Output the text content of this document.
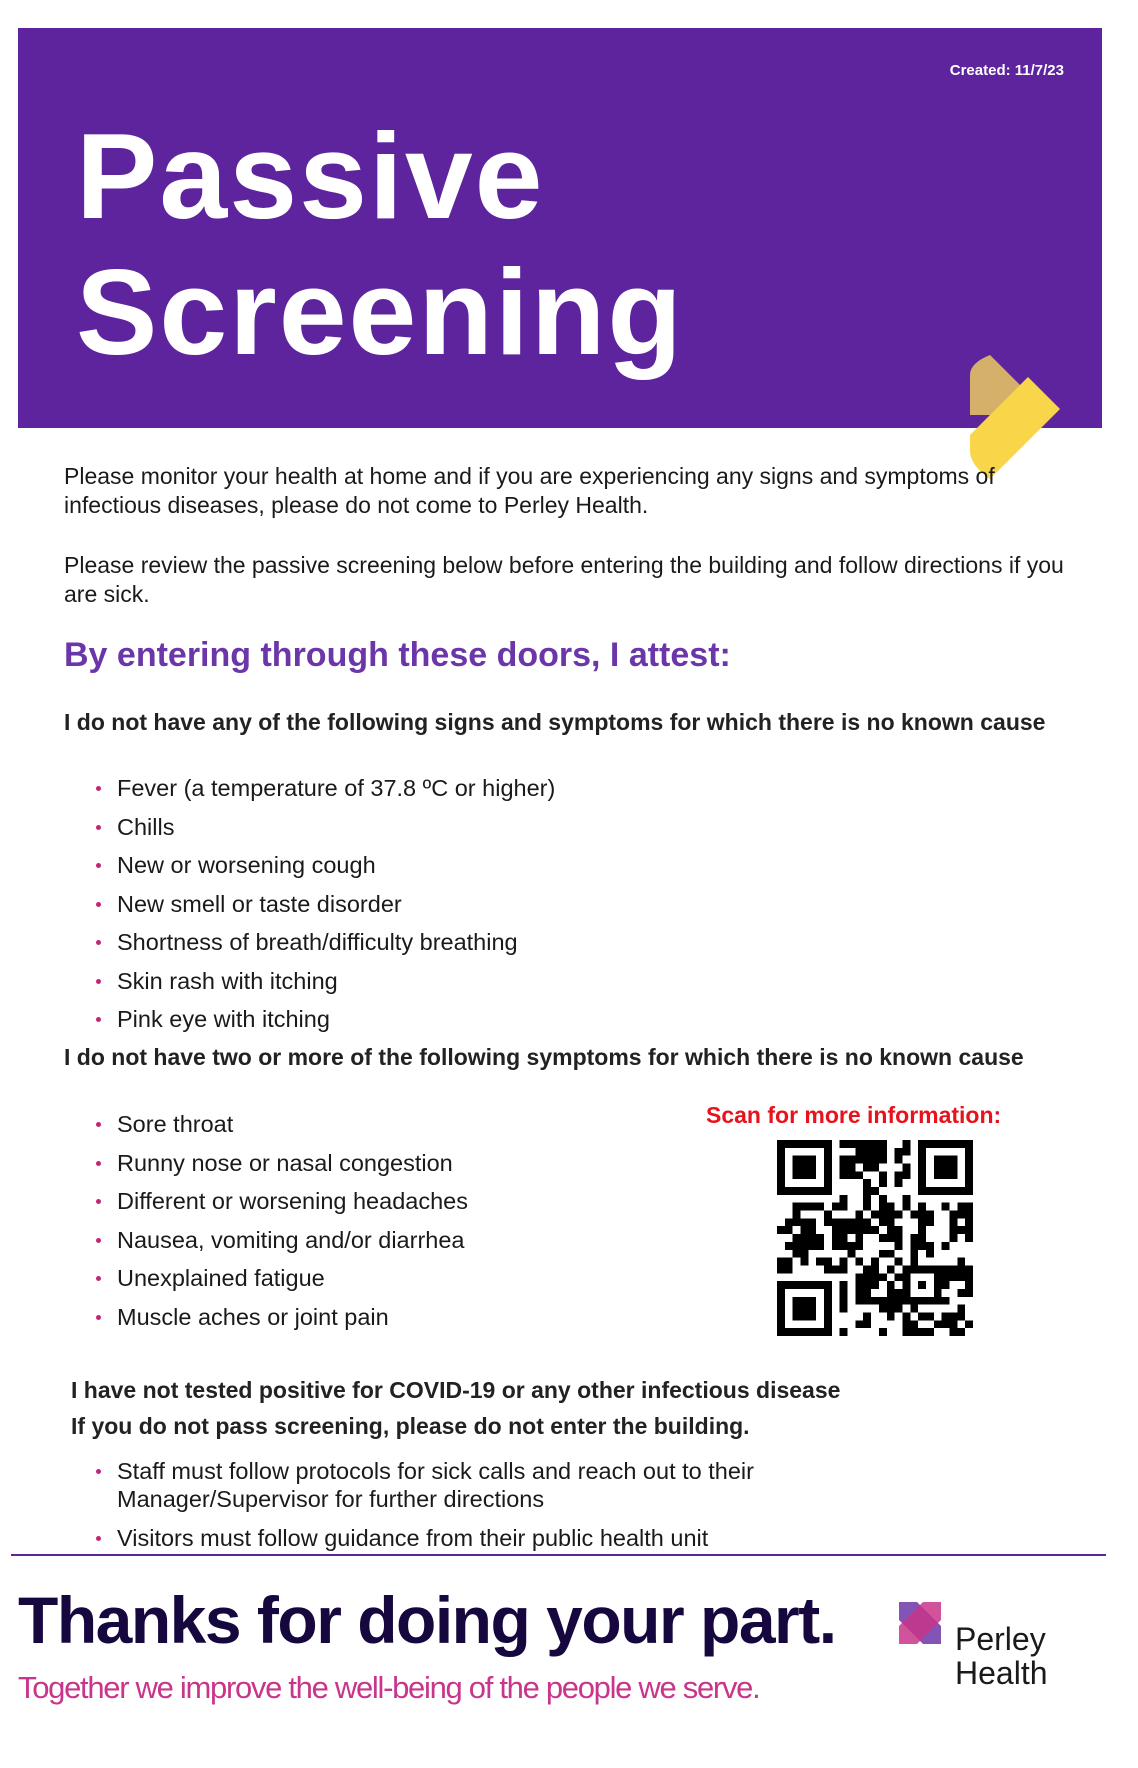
Created: 11/7/23
Passive
Screening

Please monitor your health at home and if you are experiencing any signs and symptoms of infectious diseases, please do not come to Perley Health.

Please review the passive screening below before entering the building and follow directions if you are sick.

By entering through these doors, I attest:

I do not have any of the following signs and symptoms for which there is no known cause

Fever (a temperature of 37.8 ºC or higher)
Chills
New or worsening cough
New smell or taste disorder
Shortness of breath/difficulty breathing
Skin rash with itching
Pink eye with itching

I do not have two or more of the following symptoms for which there is no known cause

Sore throat
Runny nose or nasal congestion
Different or worsening headaches
Nausea, vomiting and/or diarrhea
Unexplained fatigue
Muscle aches or joint pain
Scan for more information:

I have not tested positive for COVID-19 or any other infectious disease

If you do not pass screening, please do not enter the building.

Staff must follow protocols for sick calls and reach out to their Manager/Supervisor for further directions
Visitors must follow guidance from their public health unit
Thanks for doing your part.

Together we improve the well-being of the people we serve.

Perley
Health
